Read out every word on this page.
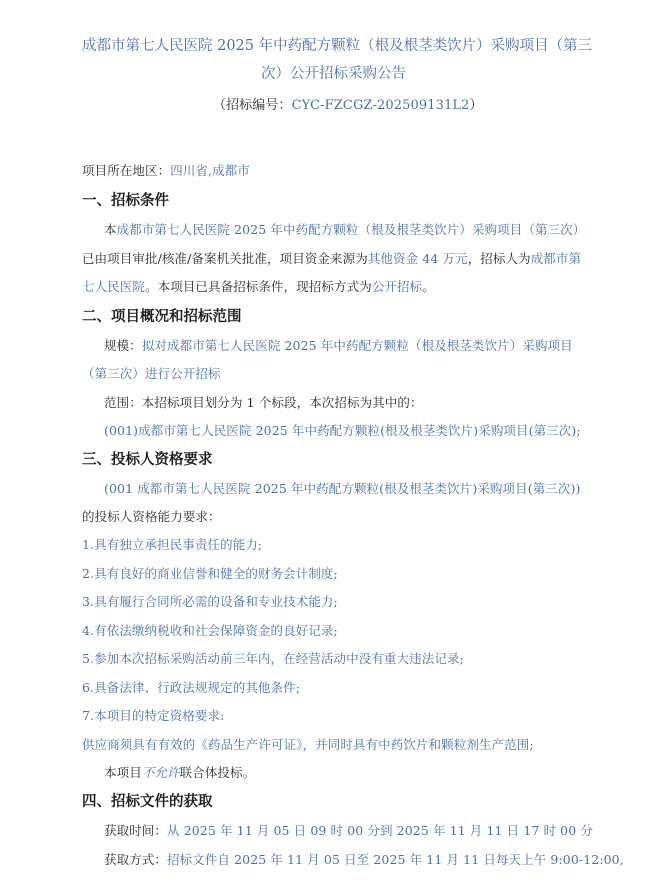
成都市第七人民医院 2025 年中药配方颗粒（根及根茎类饮片）采购项目（第三
次）公开招标采购公告
（招标编号：CYC-FZCGZ-202509131L2）
项目所在地区：四川省,成都市
一、招标条件
本成都市第七人民医院 2025 年中药配方颗粒（根及根茎类饮片）采购项目（第三次）
已由项目审批/核准/备案机关批准，项目资金来源为其他资金 44 万元，招标人为成都市第
七人民医院。本项目已具备招标条件，现招标方式为公开招标。
二、项目概况和招标范围
规模：拟对成都市第七人民医院 2025 年中药配方颗粒（根及根茎类饮片）采购项目
（第三次）进行公开招标
范围：本招标项目划分为 1 个标段，本次招标为其中的：
(001)成都市第七人民医院 2025 年中药配方颗粒(根及根茎类饮片)采购项目(第三次);
三、投标人资格要求
(001 成都市第七人民医院 2025 年中药配方颗粒(根及根茎类饮片)采购项目(第三次))
的投标人资格能力要求：
1.具有独立承担民事责任的能力;
2.具有良好的商业信誉和健全的财务会计制度;
3.具有履行合同所必需的设备和专业技术能力;
4.有依法缴纳税收和社会保障资金的良好记录;
5.参加本次招标采购活动前三年内，在经营活动中没有重大违法记录;
6.具备法律、行政法规规定的其他条件;
7.本项目的特定资格要求:
供应商须具有有效的《药品生产许可证》，并同时具有中药饮片和颗粒剂生产范围;
本项目不允许联合体投标。
四、招标文件的获取
获取时间：从 2025 年 11 月 05 日 09 时 00 分到 2025 年 11 月 11 日 17 时 00 分
获取方式：招标文件自 2025 年 11 月 05 日至 2025 年 11 月 11 日每天上午 9:00-12:00,
